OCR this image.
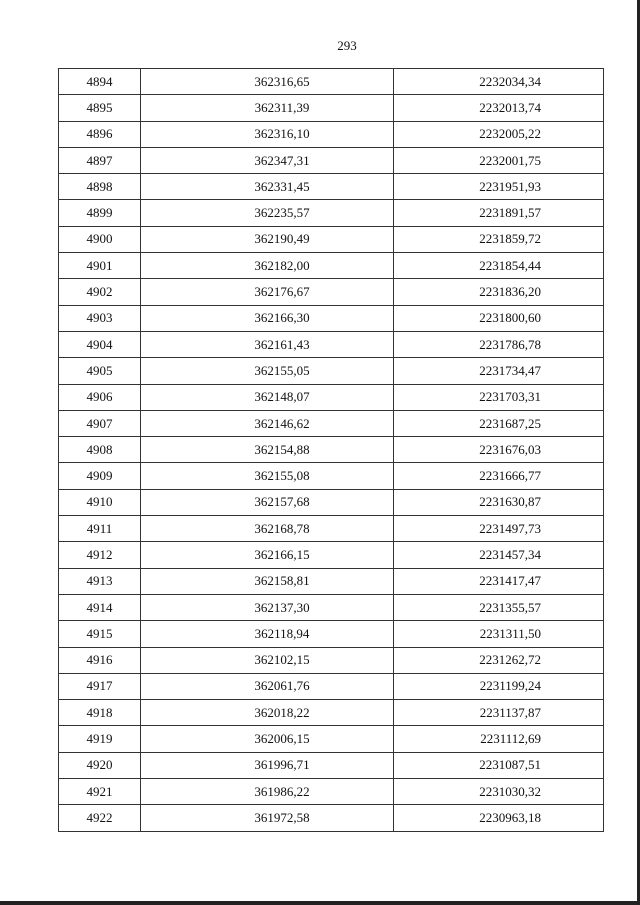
293
4894	362316,65	2232034,34
4895	362311,39	2232013,74
4896	362316,10	2232005,22
4897	362347,31	2232001,75
4898	362331,45	2231951,93
4899	362235,57	2231891,57
4900	362190,49	2231859,72
4901	362182,00	2231854,44
4902	362176,67	2231836,20
4903	362166,30	2231800,60
4904	362161,43	2231786,78
4905	362155,05	2231734,47
4906	362148,07	2231703,31
4907	362146,62	2231687,25
4908	362154,88	2231676,03
4909	362155,08	2231666,77
4910	362157,68	2231630,87
4911	362168,78	2231497,73
4912	362166,15	2231457,34
4913	362158,81	2231417,47
4914	362137,30	2231355,57
4915	362118,94	2231311,50
4916	362102,15	2231262,72
4917	362061,76	2231199,24
4918	362018,22	2231137,87
4919	362006,15	2231112,69
4920	361996,71	2231087,51
4921	361986,22	2231030,32
4922	361972,58	2230963,18
